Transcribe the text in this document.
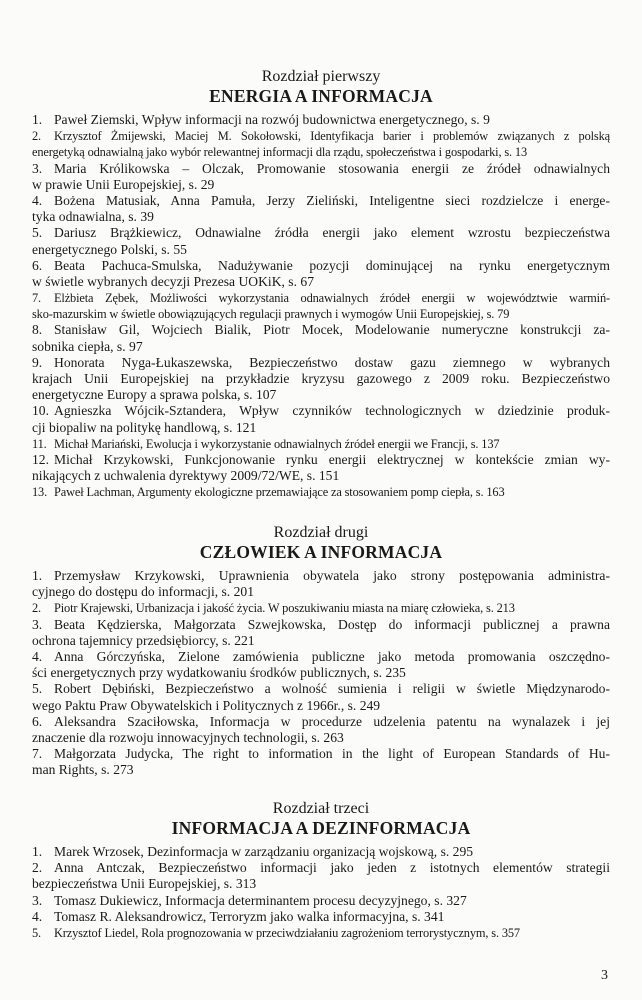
Rozdział pierwszy
ENERGIA A INFORMACJA
1. Paweł Ziemski, Wpływ informacji na rozwój budownictwa energetycznego, s. 9
2. Krzysztof Żmijewski, Maciej M. Sokołowski, Identyfikacja barier i problemów związanych z polską
energetyką odnawialną jako wybór relewantnej informacji dla rządu, społeczeństwa i gospodarki, s. 13
3. Maria Królikowska – Olczak, Promowanie stosowania energii ze źródeł odnawialnych
w prawie Unii Europejskiej, s. 29
4. Bożena Matusiak, Anna Pamuła, Jerzy Zieliński, Inteligentne sieci rozdzielcze i energe-
tyka odnawialna, s. 39
5. Dariusz Brążkiewicz, Odnawialne źródła energii jako element wzrostu bezpieczeństwa
energetycznego Polski, s. 55
6. Beata Pachuca-Smulska, Nadużywanie pozycji dominującej na rynku energetycznym
w świetle wybranych decyzji Prezesa UOKiK, s. 67
7. Elżbieta Zębek, Możliwości wykorzystania odnawialnych źródeł energii w województwie warmiń-
sko-mazurskim w świetle obowiązujących regulacji prawnych i wymogów Unii Europejskiej, s. 79
8. Stanisław Gil, Wojciech Bialik, Piotr Mocek, Modelowanie numeryczne konstrukcji za-
sobnika ciepła, s. 97
9. Honorata Nyga-Łukaszewska, Bezpieczeństwo dostaw gazu ziemnego w wybranych
krajach Unii Europejskiej na przykładzie kryzysu gazowego z 2009 roku. Bezpieczeństwo
energetyczne Europy a sprawa polska, s. 107
10. Agnieszka Wójcik-Sztandera, Wpływ czynników technologicznych w dziedzinie produk-
cji biopaliw na politykę handlową, s. 121
11. Michał Mariański, Ewolucja i wykorzystanie odnawialnych źródeł energii we Francji, s. 137
12. Michał Krzykowski, Funkcjonowanie rynku energii elektrycznej w kontekście zmian wy-
nikających z uchwalenia dyrektywy 2009/72/WE, s. 151
13. Paweł Lachman, Argumenty ekologiczne przemawiające za stosowaniem pomp ciepła, s. 163
Rozdział drugi
CZŁOWIEK A INFORMACJA
1. Przemysław Krzykowski, Uprawnienia obywatela jako strony postępowania administra-
cyjnego do dostępu do informacji, s. 201
2. Piotr Krajewski, Urbanizacja i jakość życia. W poszukiwaniu miasta na miarę człowieka, s. 213
3. Beata Kędzierska, Małgorzata Szwejkowska, Dostęp do informacji publicznej a prawna
ochrona tajemnicy przedsiębiorcy, s. 221
4. Anna Górczyńska, Zielone zamówienia publiczne jako metoda promowania oszczędno-
ści energetycznych przy wydatkowaniu środków publicznych, s. 235
5. Robert Dębiński, Bezpieczeństwo a wolność sumienia i religii w świetle Międzynarodo-
wego Paktu Praw Obywatelskich i Politycznych z 1966r., s. 249
6. Aleksandra Szaciłowska, Informacja w procedurze udzelenia patentu na wynalazek i jej
znaczenie dla rozwoju innowacyjnych technologii, s. 263
7. Małgorzata Judycka, The right to information in the light of European Standards of Hu-
man Rights, s. 273
Rozdział trzeci
INFORMACJA A DEZINFORMACJA
1. Marek Wrzosek, Dezinformacja w zarządzaniu organizacją wojskową, s. 295
2. Anna Antczak, Bezpieczeństwo informacji jako jeden z istotnych elementów strategii
bezpieczeństwa Unii Europejskiej, s. 313
3. Tomasz Dukiewicz, Informacja determinantem procesu decyzyjnego, s. 327
4. Tomasz R. Aleksandrowicz, Terroryzm jako walka informacyjna, s. 341
5. Krzysztof Liedel, Rola prognozowania w przeciwdziałaniu zagrożeniom terrorystycznym, s. 357
3
